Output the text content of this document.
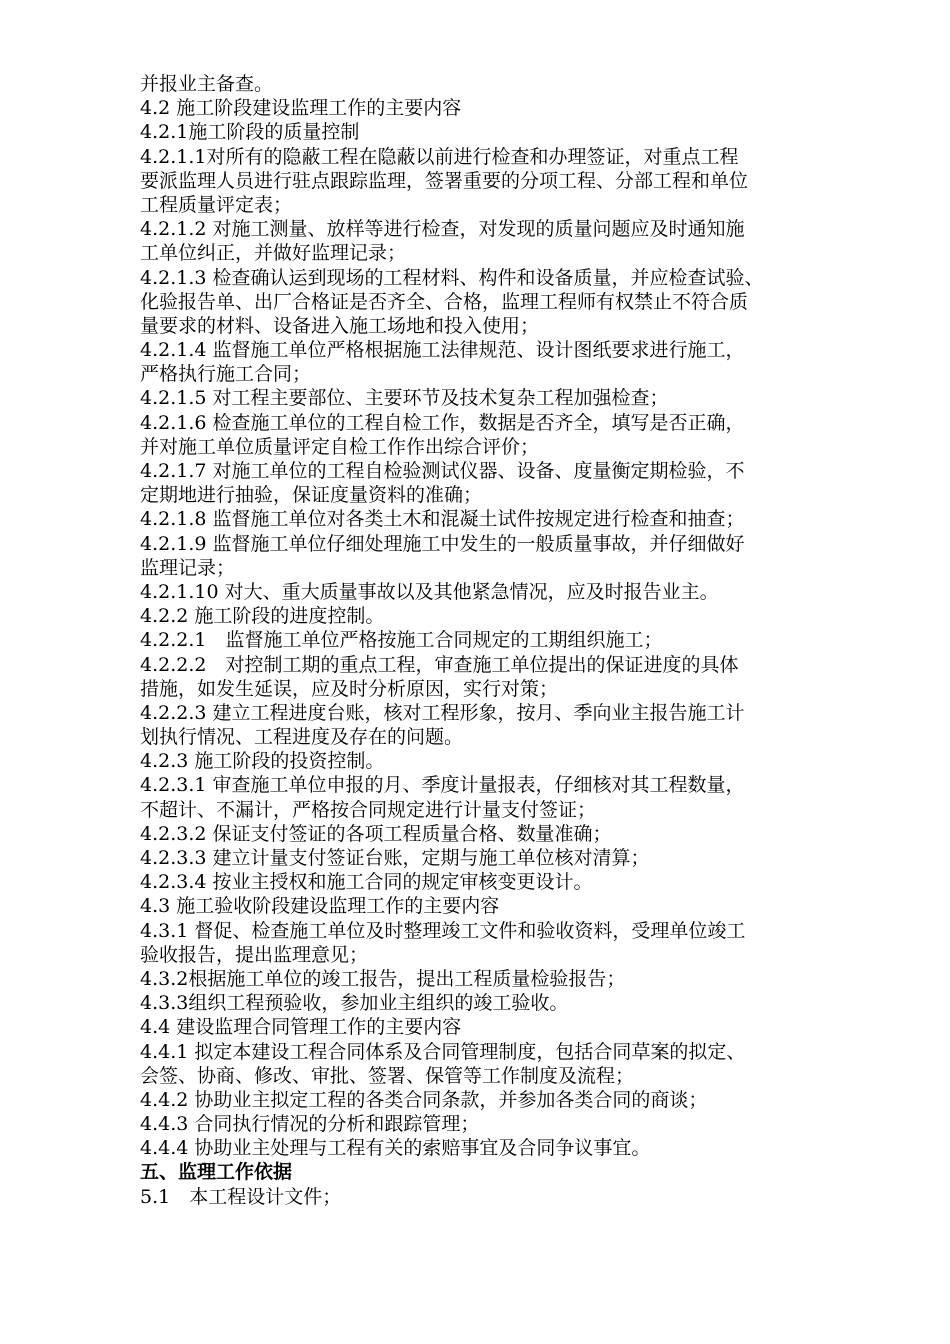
并报业主备查。
4.2 施工阶段建设监理工作的主要内容
4.2.1施工阶段的质量控制
4.2.1.1对所有的隐蔽工程在隐蔽以前进行检查和办理签证，对重点工程
要派监理人员进行驻点跟踪监理，签署重要的分项工程、分部工程和单位
工程质量评定表；
4.2.1.2 对施工测量、放样等进行检查，对发现的质量问题应及时通知施
工单位纠正，并做好监理记录；
4.2.1.3 检查确认运到现场的工程材料、构件和设备质量，并应检查试验、
化验报告单、出厂合格证是否齐全、合格，监理工程师有权禁止不符合质
量要求的材料、设备进入施工场地和投入使用；
4.2.1.4 监督施工单位严格根据施工法律规范、设计图纸要求进行施工，
严格执行施工合同；
4.2.1.5 对工程主要部位、主要环节及技术复杂工程加强检查；
4.2.1.6 检查施工单位的工程自检工作，数据是否齐全，填写是否正确，
并对施工单位质量评定自检工作作出综合评价；
4.2.1.7 对施工单位的工程自检验测试仪器、设备、度量衡定期检验，不
定期地进行抽验，保证度量资料的准确；
4.2.1.8 监督施工单位对各类土木和混凝土试件按规定进行检查和抽查；
4.2.1.9 监督施工单位仔细处理施工中发生的一般质量事故，并仔细做好
监理记录；
4.2.1.10 对大、重大质量事故以及其他紧急情况，应及时报告业主。
4.2.2 施工阶段的进度控制。
4.2.2.1　监督施工单位严格按施工合同规定的工期组织施工；
4.2.2.2　对控制工期的重点工程，审查施工单位提出的保证进度的具体
措施，如发生延误，应及时分析原因，实行对策；
4.2.2.3 建立工程进度台账，核对工程形象，按月、季向业主报告施工计
划执行情况、工程进度及存在的问题。
4.2.3 施工阶段的投资控制。
4.2.3.1 审查施工单位申报的月、季度计量报表，仔细核对其工程数量，
不超计、不漏计，严格按合同规定进行计量支付签证；
4.2.3.2 保证支付签证的各项工程质量合格、数量准确；
4.2.3.3 建立计量支付签证台账，定期与施工单位核对清算；
4.2.3.4 按业主授权和施工合同的规定审核变更设计。
4.3 施工验收阶段建设监理工作的主要内容
4.3.1 督促、检查施工单位及时整理竣工文件和验收资料，受理单位竣工
验收报告，提出监理意见；
4.3.2根据施工单位的竣工报告，提出工程质量检验报告；
4.3.3组织工程预验收，参加业主组织的竣工验收。
4.4 建设监理合同管理工作的主要内容
4.4.1 拟定本建设工程合同体系及合同管理制度，包括合同草案的拟定、
会签、协商、修改、审批、签署、保管等工作制度及流程；
4.4.2 协助业主拟定工程的各类合同条款，并参加各类合同的商谈；
4.4.3 合同执行情况的分析和跟踪管理；
4.4.4 协助业主处理与工程有关的索赔事宜及合同争议事宜。
五、监理工作依据
5.1　本工程设计文件；
